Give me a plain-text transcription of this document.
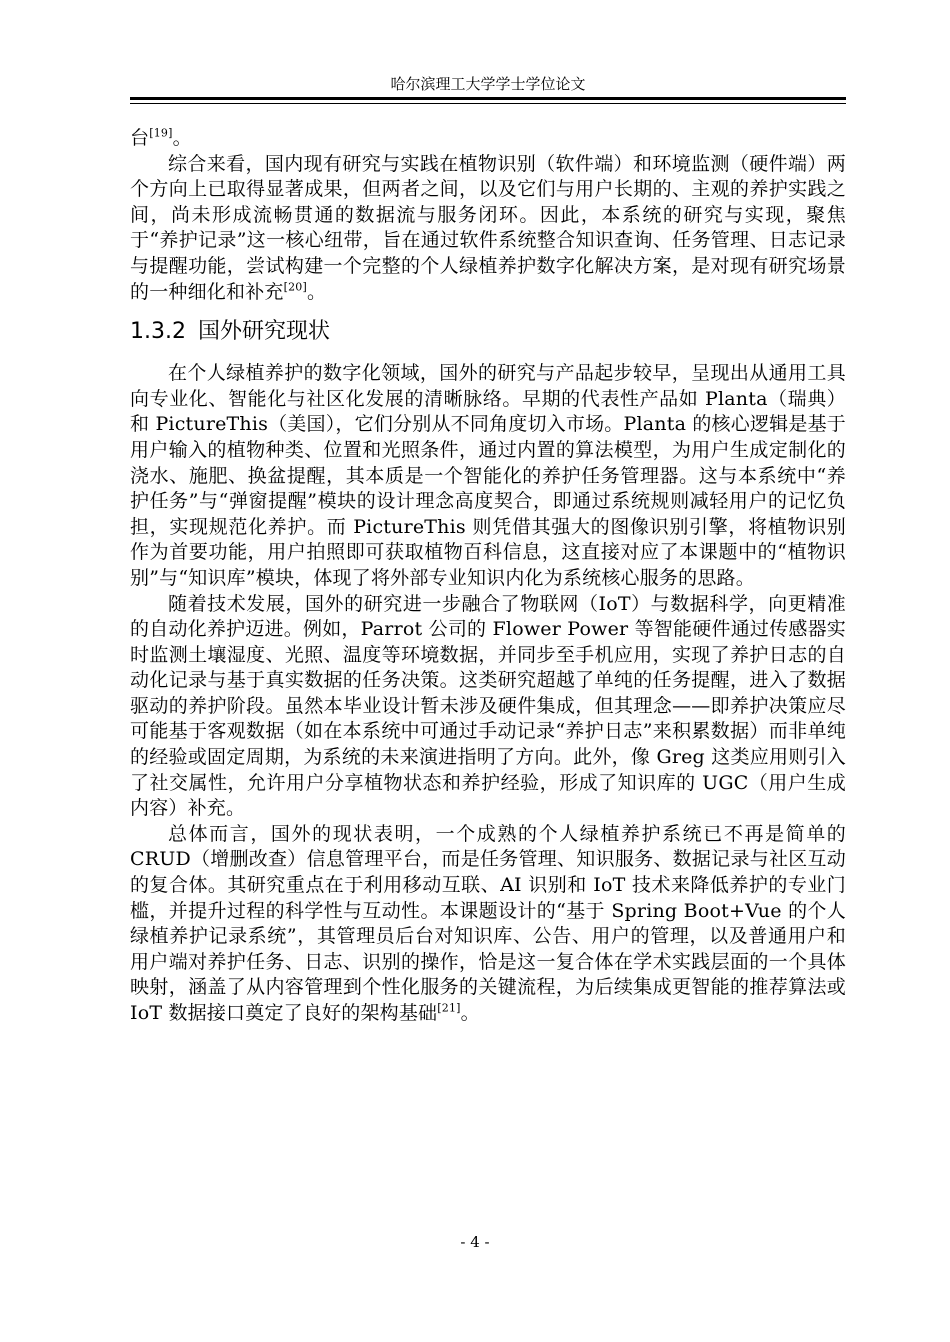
哈尔滨理工大学学士学位论文

台[19]。

综合来看，国内现有研究与实践在植物识别（软件端）和环境监测（硬件端）两个方向上已取得显著成果，但两者之间，以及它们与用户长期的、主观的养护实践之间，尚未形成流畅贯通的数据流与服务闭环。因此，本系统的研究与实现，聚焦于“养护记录”这一核心纽带，旨在通过软件系统整合知识查询、任务管理、日志记录与提醒功能，尝试构建一个完整的个人绿植养护数字化解决方案，是对现有研究场景的一种细化和补充[20]。

1.3.2 国外研究现状

在个人绿植养护的数字化领域，国外的研究与产品起步较早，呈现出从通用工具向专业化、智能化与社区化发展的清晰脉络。早期的代表性产品如 Planta（瑞典）和 PictureThis（美国），它们分别从不同角度切入市场。Planta 的核心逻辑是基于用户输入的植物种类、位置和光照条件，通过内置的算法模型，为用户生成定制化的浇水、施肥、换盆提醒，其本质是一个智能化的养护任务管理器。这与本系统中“养护任务”与“弹窗提醒”模块的设计理念高度契合，即通过系统规则减轻用户的记忆负担，实现规范化养护。而 PictureThis 则凭借其强大的图像识别引擎，将植物识别作为首要功能，用户拍照即可获取植物百科信息，这直接对应了本课题中的“植物识别”与“知识库”模块，体现了将外部专业知识内化为系统核心服务的思路。

随着技术发展，国外的研究进一步融合了物联网（IoT）与数据科学，向更精准的自动化养护迈进。例如，Parrot 公司的 Flower Power 等智能硬件通过传感器实时监测土壤湿度、光照、温度等环境数据，并同步至手机应用，实现了养护日志的自动化记录与基于真实数据的任务决策。这类研究超越了单纯的任务提醒，进入了数据驱动的养护阶段。虽然本毕业设计暂未涉及硬件集成，但其理念——即养护决策应尽可能基于客观数据（如在本系统中可通过手动记录“养护日志”来积累数据）而非单纯的经验或固定周期，为系统的未来演进指明了方向。此外，像 Greg 这类应用则引入了社交属性，允许用户分享植物状态和养护经验，形成了知识库的 UGC（用户生成内容）补充。

总体而言，国外的现状表明，一个成熟的个人绿植养护系统已不再是简单的 CRUD（增删改查）信息管理平台，而是任务管理、知识服务、数据记录与社区互动的复合体。其研究重点在于利用移动互联、AI 识别和 IoT 技术来降低养护的专业门槛，并提升过程的科学性与互动性。本课题设计的“基于 Spring Boot+Vue 的个人绿植养护记录系统”，其管理员后台对知识库、公告、用户的管理，以及普通用户和用户端对养护任务、日志、识别的操作，恰是这一复合体在学术实践层面的一个具体映射，涵盖了从内容管理到个性化服务的关键流程，为后续集成更智能的推荐算法或 IoT 数据接口奠定了良好的架构基础[21]。

- 4 -
